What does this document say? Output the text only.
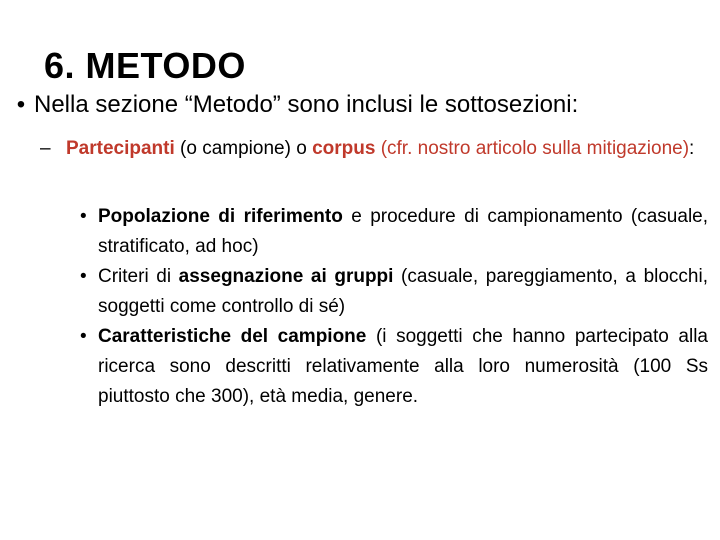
6. METODO
• Nella sezione “Metodo” sono inclusi le sottosezioni:
– Partecipanti (o campione) o corpus (cfr. nostro articolo sulla mitigazione):
• Popolazione di riferimento e procedure di campionamento (casuale, stratificato, ad hoc)
• Criteri di assegnazione ai gruppi (casuale, pareggiamento, a blocchi, soggetti come controllo di sé)
• Caratteristiche del campione (i soggetti che hanno partecipato alla ricerca sono descritti relativamente alla loro numerosità (100 Ss piuttosto che 300), età media, genere.
